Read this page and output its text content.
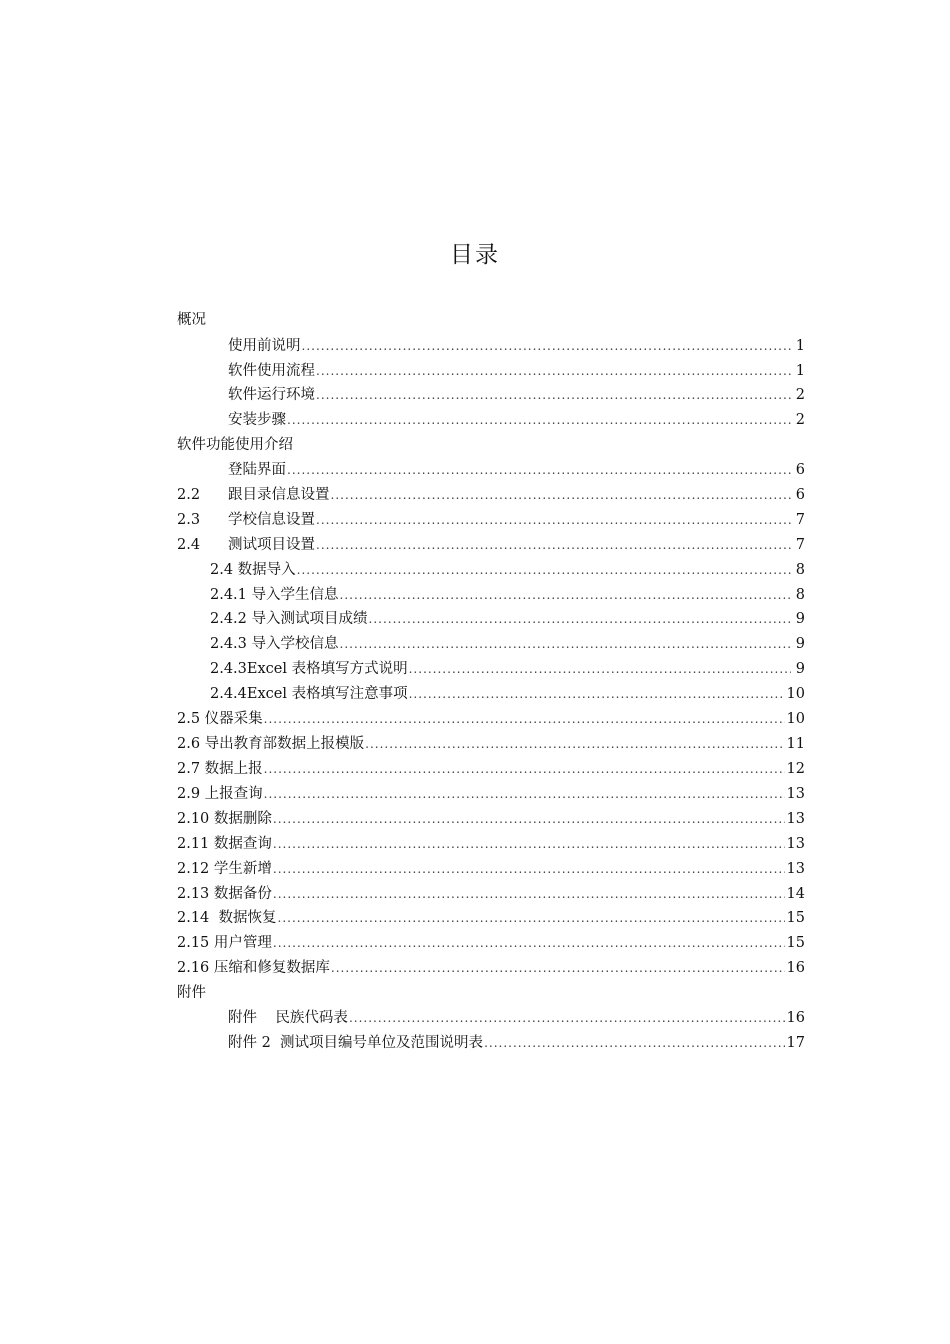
目录
概况
使用前说明 .....	1
软件使用流程 .....	1
软件运行环境 .....	2
安装步骤 .....	2
软件功能使用介绍
登陆界面 .....	6
2.2	跟目录信息设置 .....	6
2.3	学校信息设置 .....	7
2.4	测试项目设置 .....	7
2.4 数据导入 .....	8
2.4.1 导入学生信息 .....	8
2.4.2 导入测试项目成绩 .....	9
2.4.3 导入学校信息 .....	9
2.4.3Excel 表格填写方式说明 .....	9
2.4.4Excel 表格填写注意事项 .....	10
2.5 仪器采集 .....	10
2.6 导出教育部数据上报模版 .....	11
2.7 数据上报 .....	12
2.9 上报查询 .....	13
2.10 数据删除 .....	13
2.11 数据查询 .....	13
2.12 学生新增 .....	13
2.13 数据备份 .....	14
2.14  数据恢复 .....	15
2.15 用户管理 .....	15
2.16 压缩和修复数据库 .....	16
附件
附件    民族代码表 .....	16
附件 2  测试项目编号单位及范围说明表 .....	17
